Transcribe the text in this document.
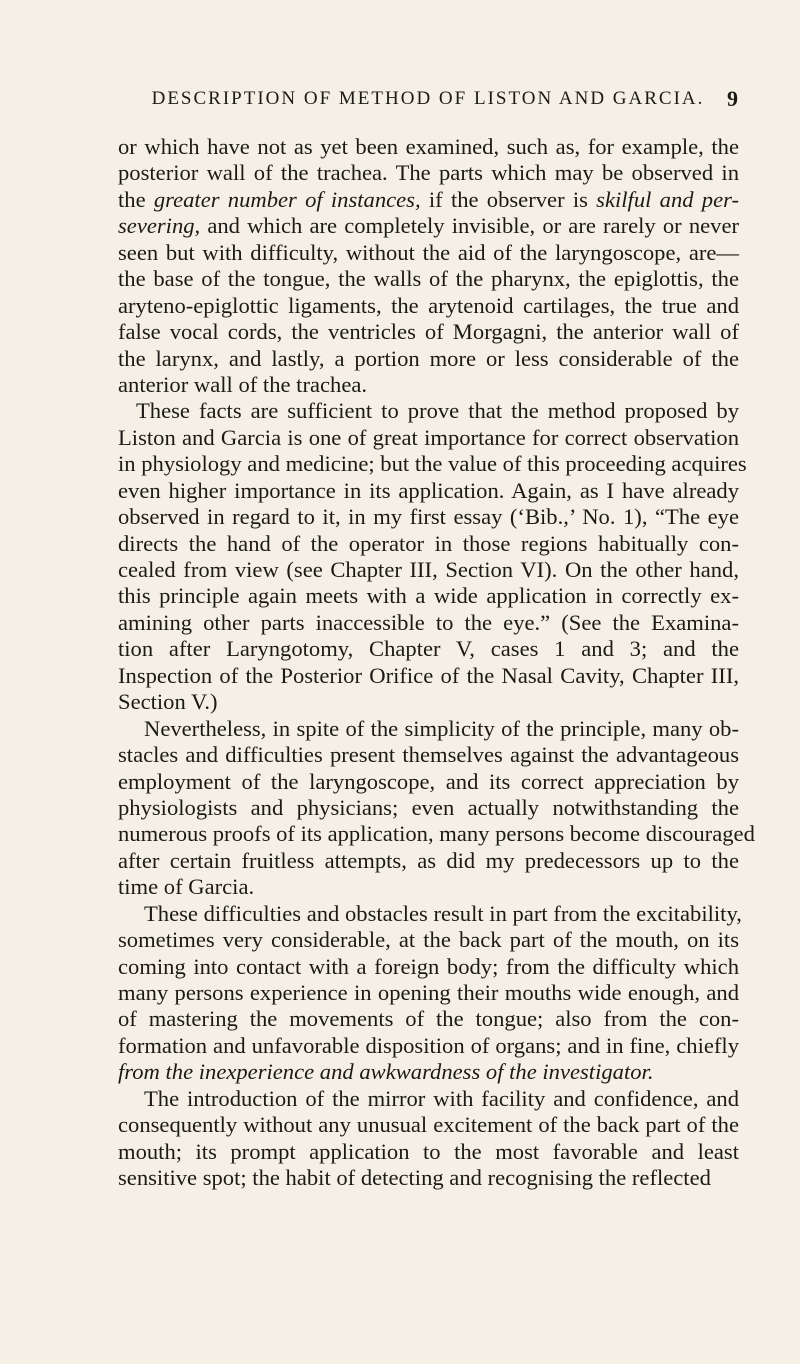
DESCRIPTION OF METHOD OF LISTON AND GARCIA.	9
or which have not as yet been examined, such as, for example, the
posterior wall of the trachea. The parts which may be observed in
the greater number of instances, if the observer is skilful and per-
severing, and which are completely invisible, or are rarely or never
seen but with difficulty, without the aid of the laryngoscope, are—
the base of the tongue, the walls of the pharynx, the epiglottis, the
aryteno-epiglottic ligaments, the arytenoid cartilages, the true and
false vocal cords, the ventricles of Morgagni, the anterior wall of
the larynx, and lastly, a portion more or less considerable of the
anterior wall of the trachea.
These facts are sufficient to prove that the method proposed by
Liston and Garcia is one of great importance for correct observation
in physiology and medicine; but the value of this proceeding acquires
even higher importance in its application. Again, as I have already
observed in regard to it, in my first essay (‘Bib.,’ No. 1), “The eye
directs the hand of the operator in those regions habitually con-
cealed from view (see Chapter III, Section VI). On the other hand,
this principle again meets with a wide application in correctly ex-
amining other parts inaccessible to the eye.” (See the Examina-
tion after Laryngotomy, Chapter V, cases 1 and 3; and the
Inspection of the Posterior Orifice of the Nasal Cavity, Chapter III,
Section V.)
Nevertheless, in spite of the simplicity of the principle, many ob-
stacles and difficulties present themselves against the advantageous
employment of the laryngoscope, and its correct appreciation by
physiologists and physicians; even actually notwithstanding the
numerous proofs of its application, many persons become discouraged
after certain fruitless attempts, as did my predecessors up to the
time of Garcia.
These difficulties and obstacles result in part from the excitability,
sometimes very considerable, at the back part of the mouth, on its
coming into contact with a foreign body; from the difficulty which
many persons experience in opening their mouths wide enough, and
of mastering the movements of the tongue; also from the con-
formation and unfavorable disposition of organs; and in fine, chiefly
from the inexperience and awkwardness of the investigator.
The introduction of the mirror with facility and confidence, and
consequently without any unusual excitement of the back part of the
mouth; its prompt application to the most favorable and least
sensitive spot; the habit of detecting and recognising the reflected
